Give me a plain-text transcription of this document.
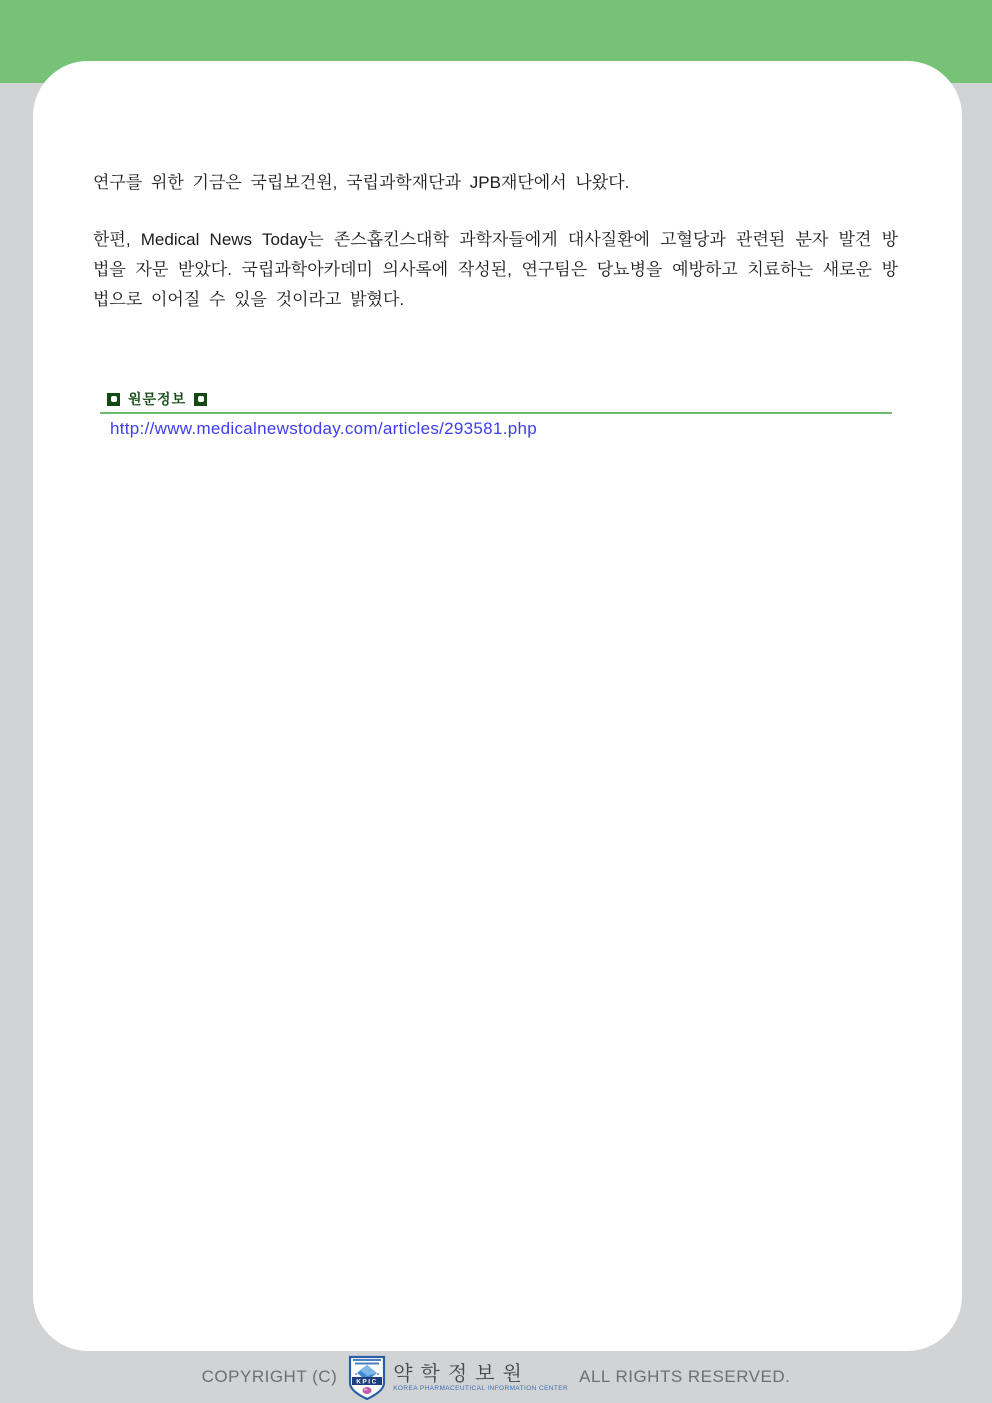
연구를 위한 기금은 국립보건원, 국립과학재단과 JPB재단에서 나왔다.
한편, Medical News Today는 존스홉킨스대학 과학자들에게 대사질환에 고혈당과 관련된 분자 발견 방
법을 자문 받았다. 국립과학아카데미 의사록에 작성된, 연구팀은 당뇨병을 예방하고 치료하는 새로운 방
법으로 이어질 수 있을 것이라고 밝혔다.
원문정보
http://www.medicalnewstoday.com/articles/293581.php
COPYRIGHT (C)	KPIC 약학정보원
KOREA PHARMACEUTICAL INFORMATION CENTER
ALL RIGHTS RESERVED.
